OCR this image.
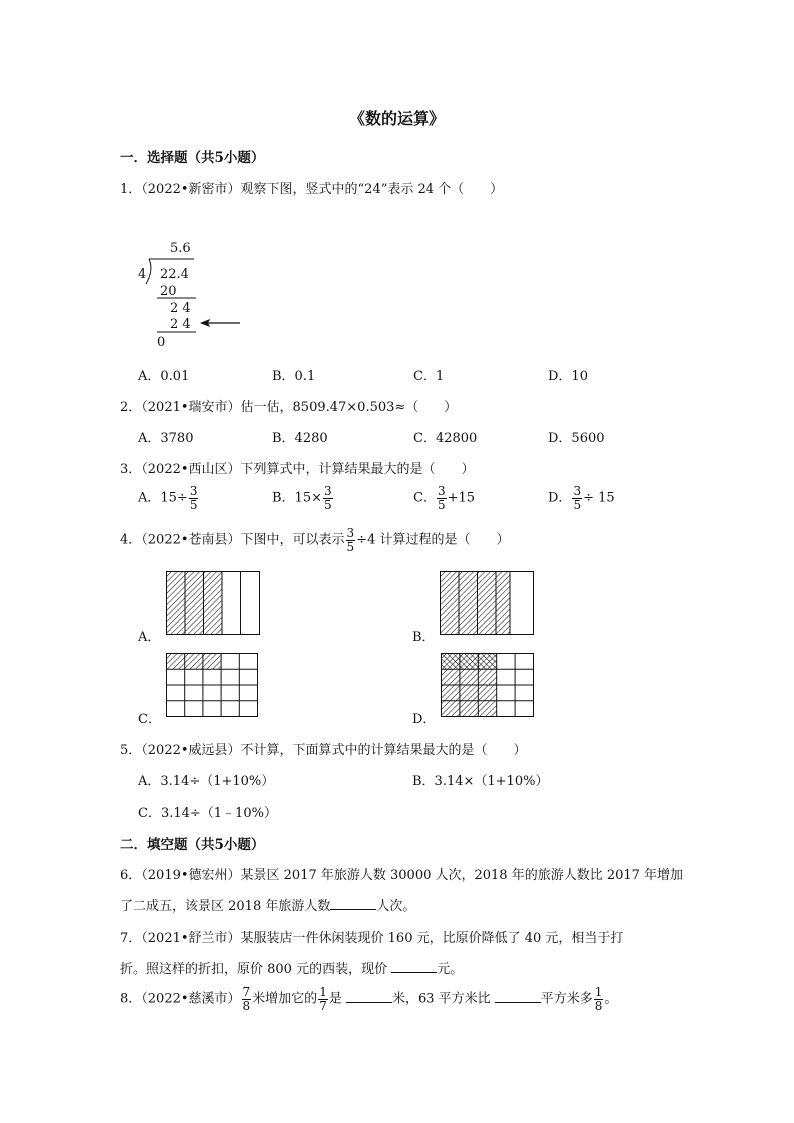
《数的运算》
一．选择题（共5小题）
1．（2022•新密市）观察下图，竖式中的“24”表示 24 个（　　）
5.6
4 22.4
20
2 4
2 4
0
A．0.01	B．0.1	C．1	D．10
2．（2021•瑞安市）估一估，8509.47×0.503≈（　　）
A．3780	B．4280	C．42800	D．5600
3．（2022•西山区）下列算式中，计算结果最大的是（　　）
A．$15\div \frac{3}{5}$	B．$15\times \frac{3}{5}$	C． $\frac{3}{5} +15$	D． $\frac{3}{5} \div 15$
4．（2022•苍南县）下图中，可以表示 $\frac{3}{5} \div 4$ 计算过程的是（　　）
A．	B．
C．	D．
5．（2022•威远县）不计算，下面算式中的计算结果最大的是（　　）
A．3.14÷（1+10%）	B．3.14×（1+10%）
C．3.14÷（1﹣10%）
二．填空题（共5小题）
6．（2019•德宏州）某景区 2017 年旅游人数 30000 人次，2018 年的旅游人数比 2017 年增加
了二成五，该景区 2018 年旅游人数	人次。
7．（2021•舒兰市）某服装店一件休闲装现价 160 元，比原价降低了 40 元，相当于打
折。照这样的折扣，原价 800 元的西装，现价	元。
8．（2022•慈溪市） $\frac{7}{8}$ 米增加它的 $\frac{1}{7}$ 是	米，63 平方米比	平方米多 $\frac{1}{8}$ 。
